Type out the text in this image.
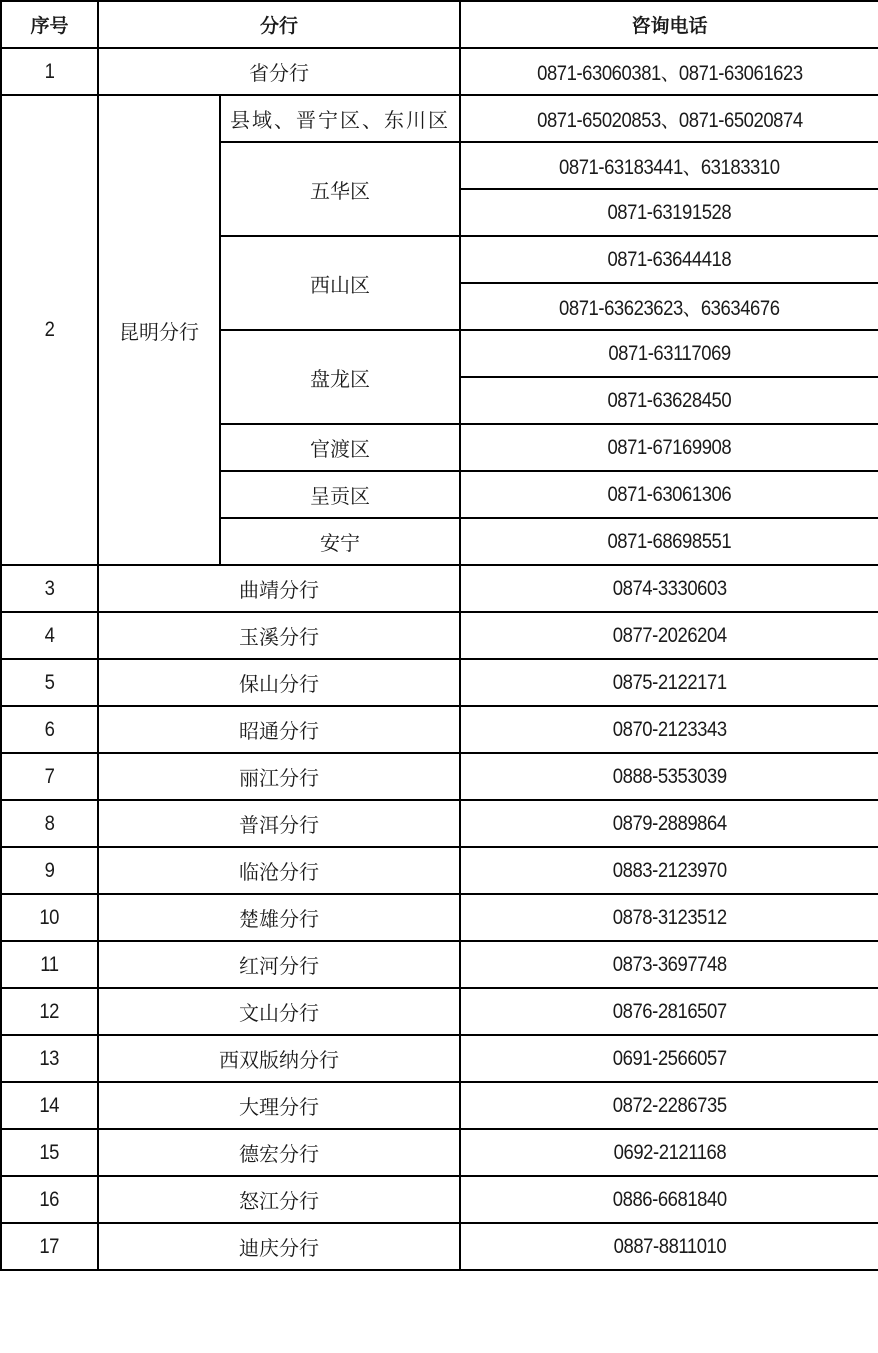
序号	分行		咨询电话
1	省分行		0871-63060381、0871-63061623
2	昆明分行	县域、晋宁区、东川区	0871-65020853、0871-65020874
		五华区	0871-63183441、63183310
			0871-63191528
		西山区	0871-63644418
			0871-63623623、63634676
		盘龙区	0871-63117069
			0871-63628450
		官渡区	0871-67169908
		呈贡区	0871-63061306
		安宁	0871-68698551
3	曲靖分行		0874-3330603
4	玉溪分行		0877-2026204
5	保山分行		0875-2122171
6	昭通分行		0870-2123343
7	丽江分行		0888-5353039
8	普洱分行		0879-2889864
9	临沧分行		0883-2123970
10	楚雄分行		0878-3123512
11	红河分行		0873-3697748
12	文山分行		0876-2816507
13	西双版纳分行		0691-2566057
14	大理分行		0872-2286735
15	德宏分行		0692-2121168
16	怒江分行		0886-6681840
17	迪庆分行		0887-8811010
